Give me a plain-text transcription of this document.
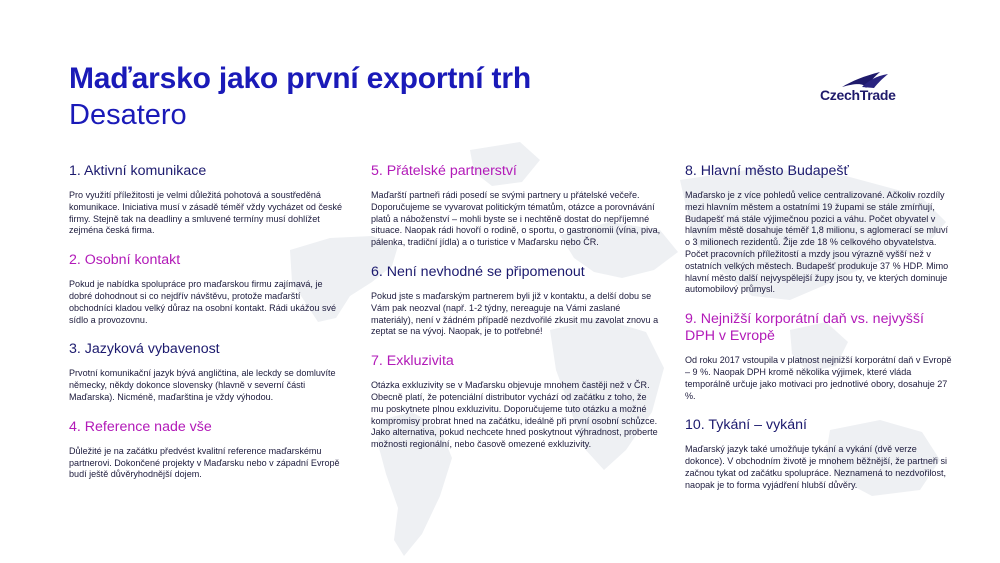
Maďarsko jako první exportní trh
Desatero
CzechTrade
1. Aktivní komunikace

Pro využití příležitosti je velmi důležitá pohotová a soustředěná komunikace. Iniciativa musí v zásadě téměř vždy vycházet od české firmy. Stejně tak na deadliny a smluvené termíny musí dohlížet zejména česká firma.

2. Osobní kontakt

Pokud je nabídka spolupráce pro maďarskou firmu zajímavá, je dobré dohodnout si co nejdřív návštěvu, protože maďarští obchodníci kladou velký důraz na osobní kontakt. Rádi ukážou své sídlo a provozovnu.

3. Jazyková vybavenost

Prvotní komunikační jazyk bývá angličtina, ale leckdy se domluvíte německy, někdy dokonce slovensky (hlavně v severní části Maďarska). Nicméně, maďarština je vždy výhodou.

4. Reference nade vše

Důležité je na začátku předvést kvalitní reference maďarskému partnerovi. Dokončené projekty v Maďarsku nebo v západní Evropě budí ještě důvěryhodnější dojem.

5. Přátelské partnerství

Maďarští partneři rádi posedí se svými partnery u přátelské večeře. Doporučujeme se vyvarovat politickým tématům, otázce a porovnávání platů a náboženství – mohli byste se i nechtěně dostat do nepříjemné situace. Naopak rádi hovoří o rodině, o sportu, o gastronomii (vína, piva, pálenka, tradiční jídla) a o turistice v Maďarsku nebo ČR.

6. Není nevhodné se připomenout

Pokud jste s maďarským partnerem byli již v kontaktu, a delší dobu se Vám pak neozval (např. 1-2 týdny, nereaguje na Vámi zaslané materiály), není v žádném případě nezdvořilé zkusit mu zavolat znovu a zeptat se na vývoj. Naopak, je to potřebné!

7. Exkluzivita

Otázka exkluzivity se v Maďarsku objevuje mnohem častěji než v ČR. Obecně platí, že potenciální distributor vychází od začátku z toho, že mu poskytnete plnou exkluzivitu. Doporučujeme tuto otázku a možné kompromisy probrat hned na začátku, ideálně při první osobní schůzce. Jako alternativa, pokud nechcete hned poskytnout výhradnost, proberte možnosti regionální, nebo časově omezené exkluzivity.

8. Hlavní město Budapešť

Maďarsko je z více pohledů velice centralizované. Ačkoliv rozdíly mezi hlavním městem a ostatními 19 župami se stále zmírňují, Budapešť má stále výjimečnou pozici a váhu. Počet obyvatel v hlavním městě dosahuje téměř 1,8 milionu, s aglomerací se mluví o 3 milionech rezidentů. Žije zde 18 % celkového obyvatelstva. Počet pracovních příležitostí a mzdy jsou výrazně vyšší než v ostatních velkých městech. Budapešť produkuje 37 % HDP. Mimo hlavní město další nejvyspělejší župy jsou ty, ve kterých dominuje automobilový průmysl.

9. Nejnižší korporátní daň vs. nejvyšší DPH v Evropě

Od roku 2017 vstoupila v platnost nejnižší korporátní daň v Evropě – 9 %. Naopak DPH kromě několika výjimek, které vláda temporálně určuje jako motivaci pro jednotlivé obory, dosahuje 27 %.

10. Tykání – vykání

Maďarský jazyk také umožňuje tykání a vykání (dvě verze dokonce). V obchodním životě je mnohem běžnější, že partneři si začnou tykat od začátku spolupráce. Neznamená to nezdvořilost, naopak je to forma vyjádření hlubší důvěry.
